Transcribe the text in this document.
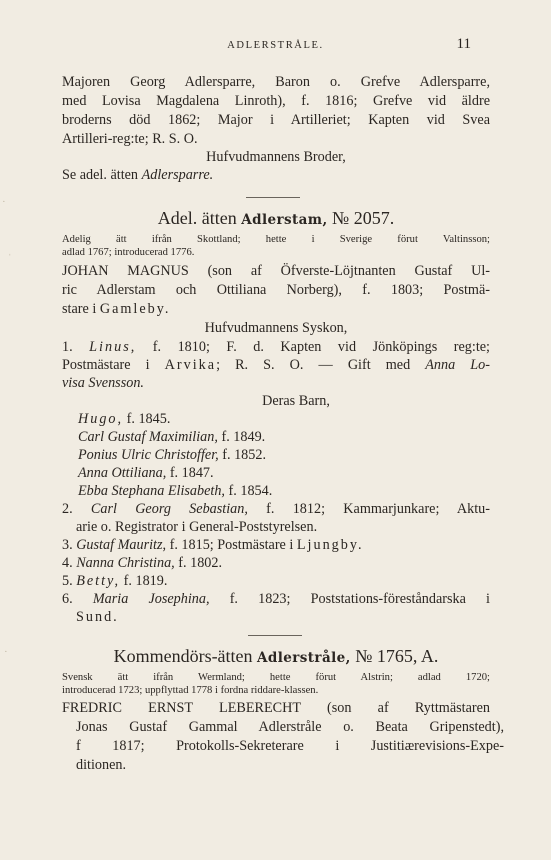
ADLERSTRÅLE.	11
Majoren Georg Adlersparre, Baron o. Grefve Adlersparre,
med Lovisa Magdalena Linroth), f. 1816; Grefve vid äldre
broderns död 1862; Major i Artilleriet; Kapten vid Svea
Artilleri-reg:te; R. S. O.
Hufvudmannens Broder,
Se adel. ätten Adlersparre.
Adel. ätten Adlerstam, № 2057.
Adelig ätt ifrån Skottland; hette i Sverige förut Valtinsson;
adlad 1767; introducerad 1776.
JOHAN MAGNUS (son af Öfverste-Löjtnanten Gustaf Ul-
ric Adlerstam och Ottiliana Norberg), f. 1803; Postmä-
stare i Gamleby.
Hufvudmannens Syskon,
1. Linus, f. 1810; F. d. Kapten vid Jönköpings reg:te;
Postmästare i Arvika; R. S. O. — Gift med Anna Lo-
visa Svensson.
Deras Barn,
Hugo, f. 1845.
Carl Gustaf Maximilian, f. 1849.
Ponius Ulric Christoffer, f. 1852.
Anna Ottiliana, f. 1847.
Ebba Stephana Elisabeth, f. 1854.
2. Carl Georg Sebastian, f. 1812; Kammarjunkare; Aktu-
arie o. Registrator i General-Poststyrelsen.
3. Gustaf Mauritz, f. 1815; Postmästare i Ljungby.
4. Nanna Christina, f. 1802.
5. Betty, f. 1819.
6. Maria Josephina, f. 1823; Poststations-föreståndarska i
Sund.
Kommendörs-ätten Adlerstråle, № 1765, A.
Svensk ätt ifrån Wermland; hette förut Alstrin; adlad 1720;
introducerad 1723; uppflyttad 1778 i fordna riddare-klassen.
FREDRIC ERNST LEBERECHT (son af Ryttmästaren
Jonas Gustaf Gammal Adlerstråle o. Beata Gripenstedt),
f 1817; Protokolls-Sekreterare i Justitiærevisions-Expe-
ditionen.
·
ˌ
·
